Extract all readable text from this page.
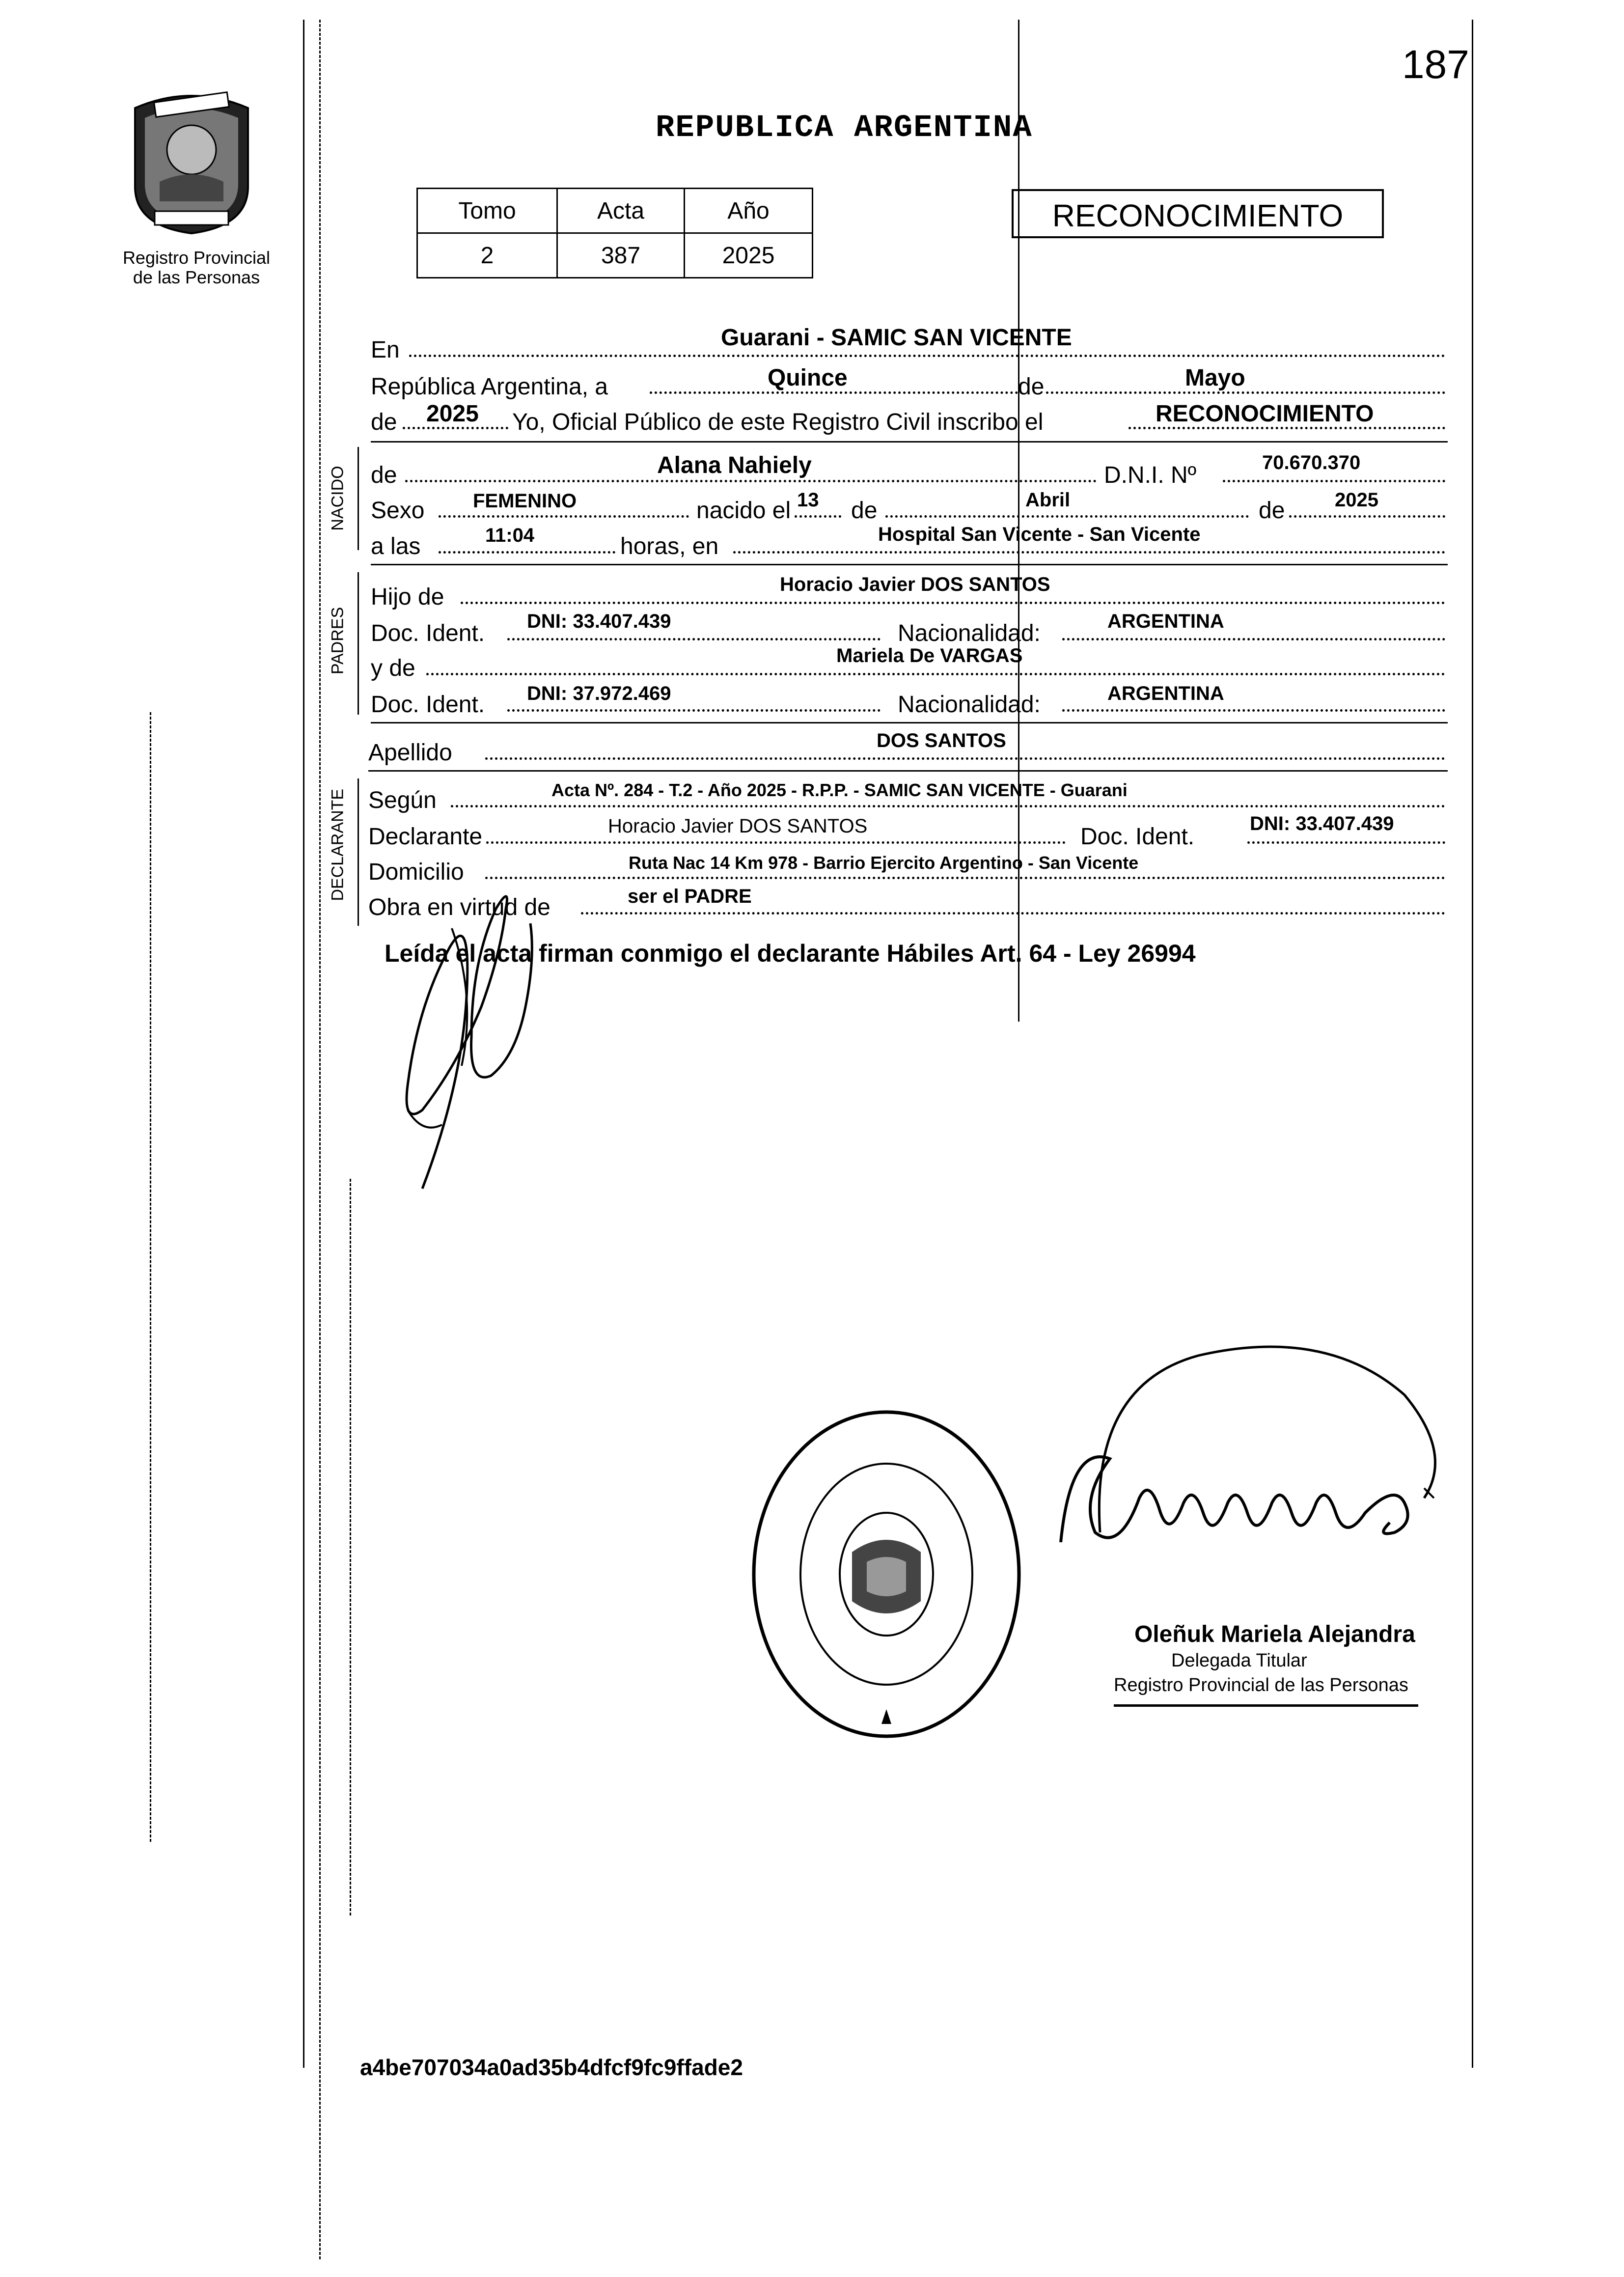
Registro Provincial
de las Personas
187
REPUBLICA ARGENTINA
Tomo	Acta	Año
2	387	2025
RECONOCIMIENTO
En	Guarani - SAMIC SAN VICENTE
República Argentina, a	Quince	de	Mayo
de 2025 Yo, Oficial Público de este Registro Civil inscribo el	RECONOCIMIENTO
NACIDO de	Alana Nahiely	D.N.I. Nº	70.670.370
Sexo FEMENINO	nacido el 13 de	Abril	de	2025
a las	11:04	horas, en	Hospital San Vicente - San Vicente
PADRES
Hijo de	Horacio Javier DOS SANTOS
Doc. Ident. DNI: 33.407.439	Nacionalidad:	ARGENTINA
y de	Mariela De VARGAS
Doc. Ident. DNI: 37.972.469	Nacionalidad:	ARGENTINA
Apellido	DOS SANTOS
DECLARANTE Según	Acta Nº. 284 - T.2 - Año 2025 - R.P.P. - SAMIC SAN VICENTE - Guarani
Declarante	Horacio Javier DOS SANTOS	Doc. Ident.	DNI: 33.407.439
Domicilio	Ruta Nac 14 Km 978 - Barrio Ejercito Argentino - San Vicente
Obra en virtud de	ser el PADRE
Leída el acta firman conmigo el declarante Hábiles Art. 64 - Ley 26994
Oleñuk Mariela Alejandra
Delegada Titular
Registro Provincial de las Personas
a4be707034a0ad35b4dfcf9fc9ffade2
